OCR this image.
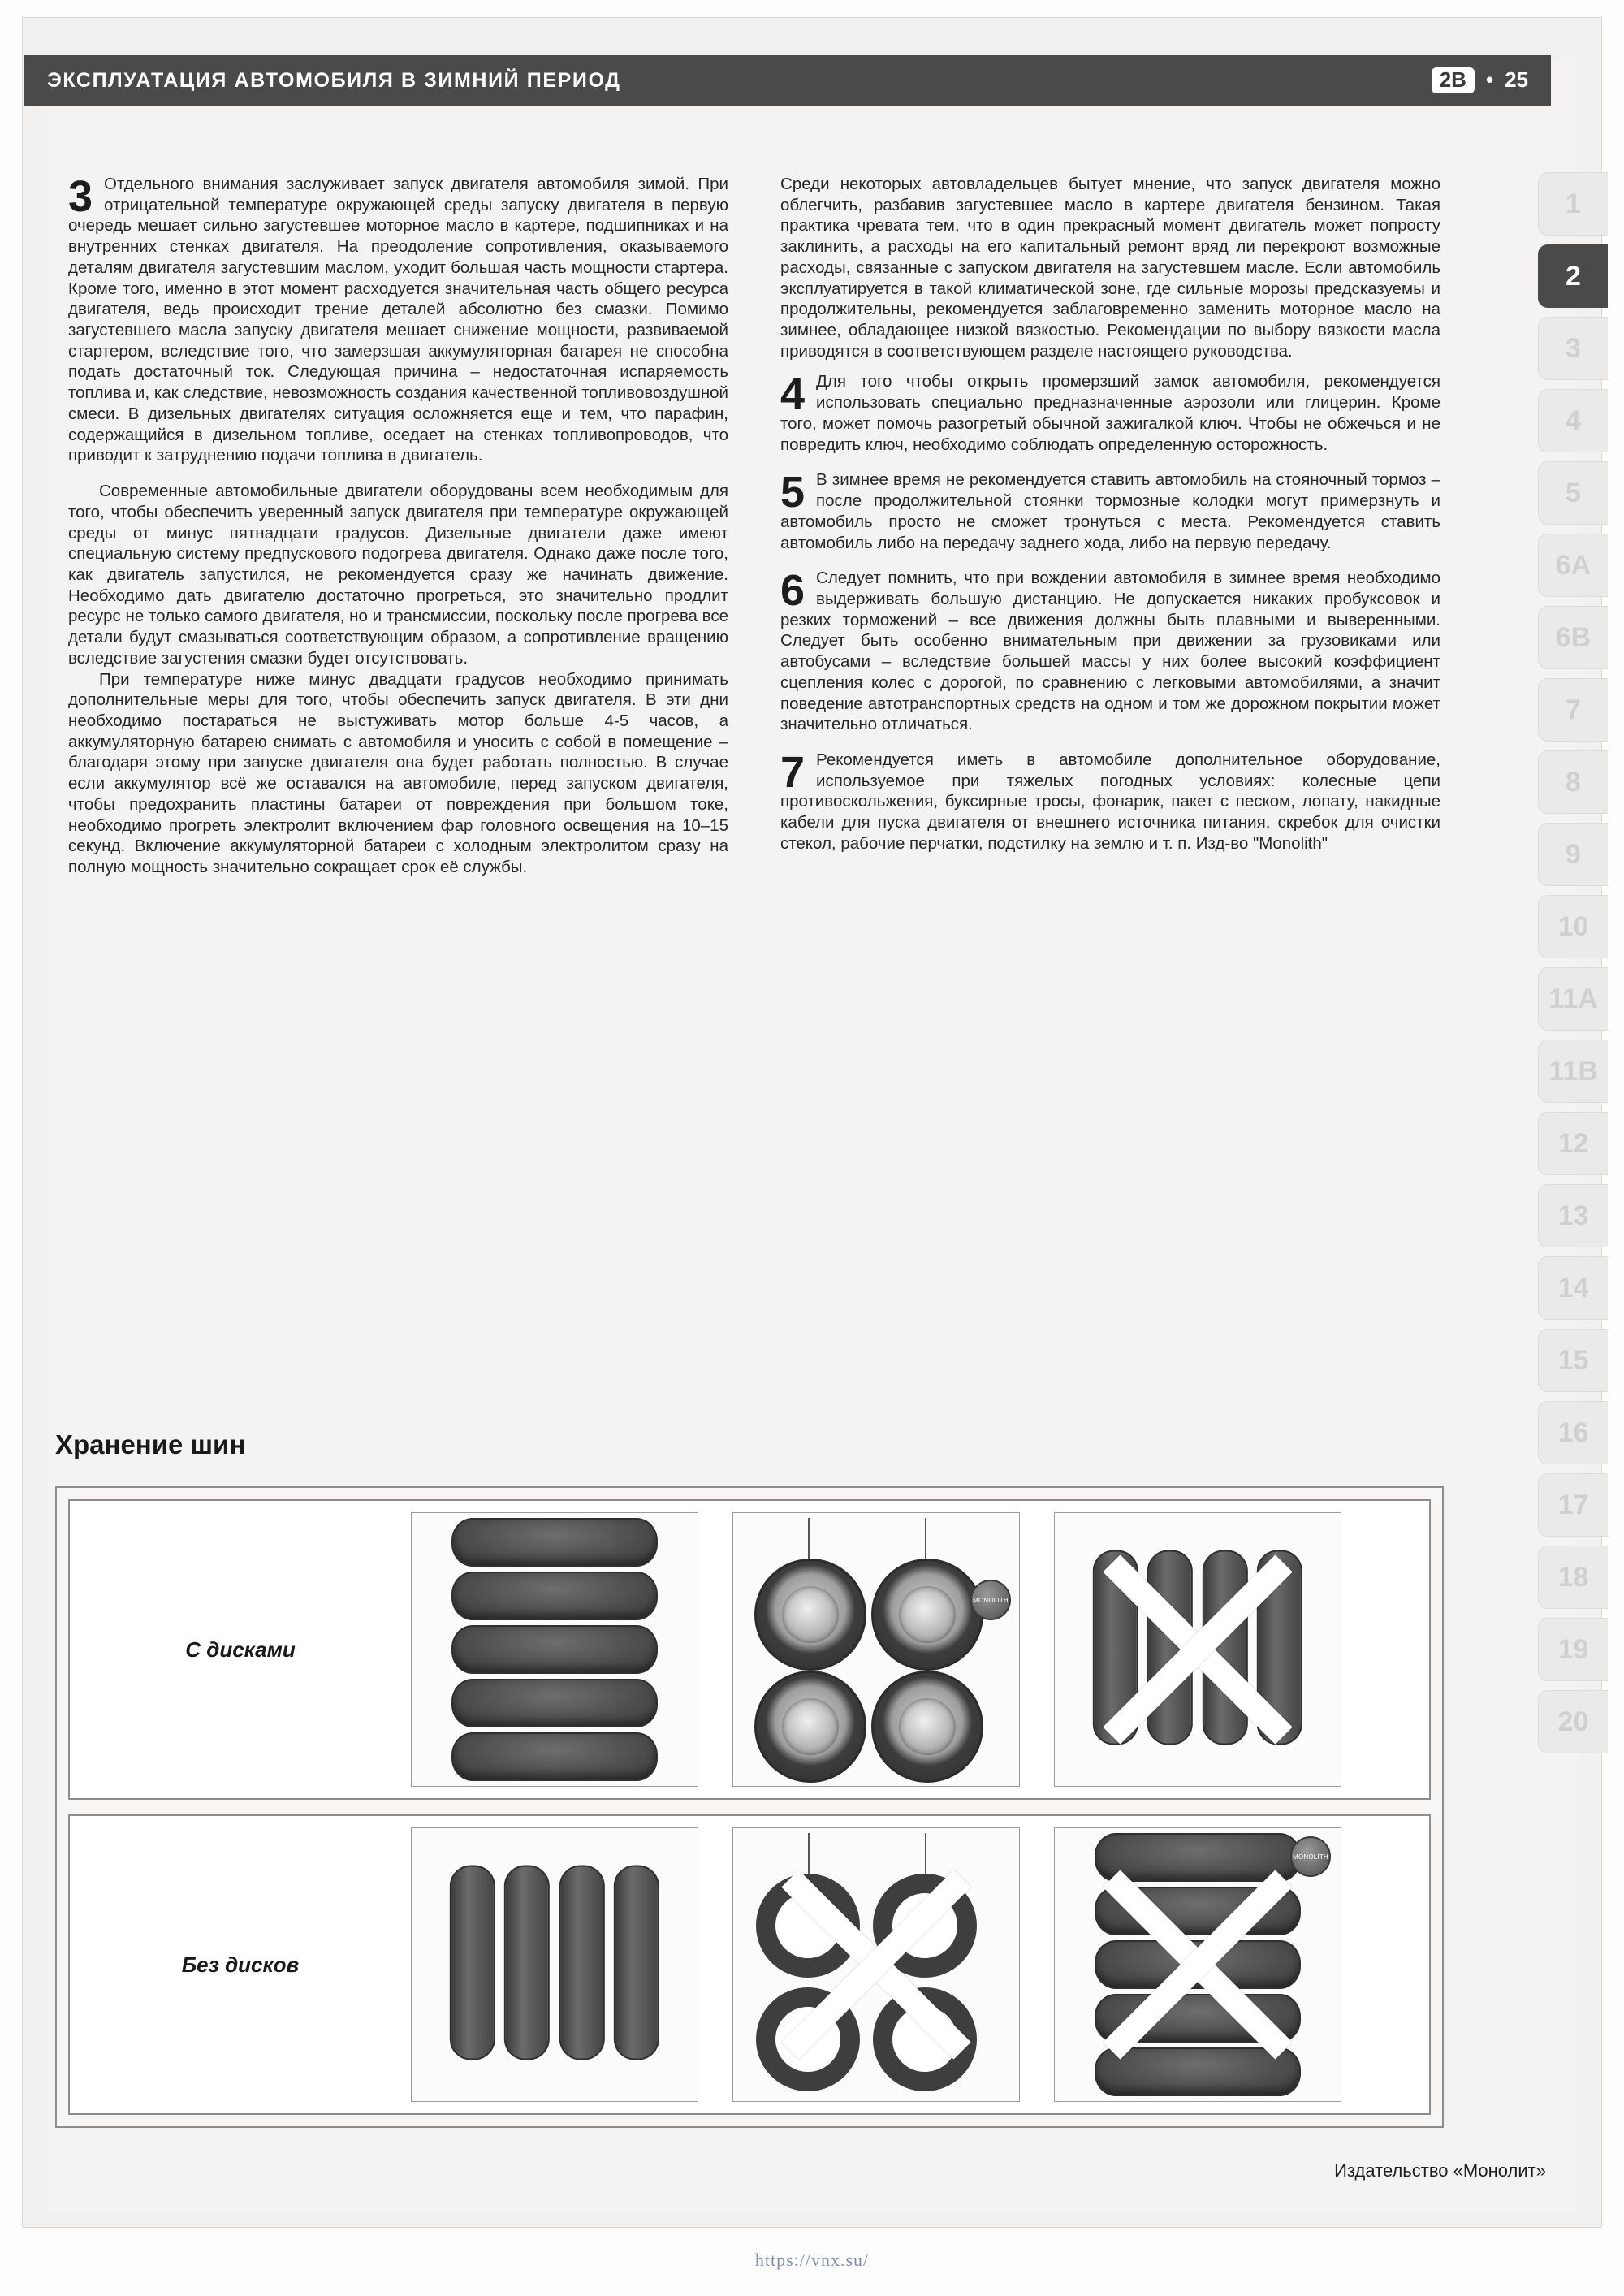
ЭКСПЛУАТАЦИЯ АВТОМОБИЛЯ В ЗИМНИЙ ПЕРИОД	2B • 25
3 Отдельного внимания заслуживает запуск двигателя автомобиля зимой. При отрицательной температуре окружающей среды запуску двигателя в первую очередь мешает сильно загустевшее моторное масло в картере, подшипниках и на внутренних стенках двигателя. На преодоление сопротивления, оказываемого деталям двигателя загустевшим маслом, уходит большая часть мощности стартера. Кроме того, именно в этот момент расходуется значительная часть общего ресурса двигателя, ведь происходит трение деталей абсолютно без смазки. Помимо загустевшего масла запуску двигателя мешает снижение мощности, развиваемой стартером, вследствие того, что замерзшая аккумуляторная батарея не способна подать достаточный ток. Следующая причина – недостаточная испаряемость топлива и, как следствие, невозможность создания качественной топливовоздушной смеси. В дизельных двигателях ситуация осложняется еще и тем, что парафин, содержащийся в дизельном топливе, оседает на стенках топливопроводов, что приводит к затруднению подачи топлива в двигатель.

Современные автомобильные двигатели оборудованы всем необходимым для того, чтобы обеспечить уверенный запуск двигателя при температуре окружающей среды от минус пятнадцати градусов. Дизельные двигатели даже имеют специальную систему предпускового подогрева двигателя. Однако даже после того, как двигатель запустился, не рекомендуется сразу же начинать движение. Необходимо дать двигателю достаточно прогреться, это значительно продлит ресурс не только самого двигателя, но и трансмиссии, поскольку после прогрева все детали будут смазываться соответствующим образом, а сопротивление вращению вследствие загустения смазки будет отсутствовать.

При температуре ниже минус двадцати градусов необходимо принимать дополнительные меры для того, чтобы обеспечить запуск двигателя. В эти дни необходимо постараться не выстуживать мотор больше 4-5 часов, а аккумуляторную батарею снимать с автомобиля и уносить с собой в помещение – благодаря этому при запуске двигателя она будет работать полностью. В случае если аккумулятор всё же оставался на автомобиле, перед запуском двигателя, чтобы предохранить пластины батареи от повреждения при большом токе, необходимо прогреть электролит включением фар головного освещения на 10–15 секунд. Включение аккумуляторной батареи с холодным электролитом сразу на полную мощность значительно сокращает срок её службы.

Среди некоторых автовладельцев бытует мнение, что запуск двигателя можно облегчить, разбавив загустевшее масло в картере двигателя бензином. Такая практика чревата тем, что в один прекрасный момент двигатель может попросту заклинить, а расходы на его капитальный ремонт вряд ли перекроют возможные расходы, связанные с запуском двигателя на загустевшем масле. Если автомобиль эксплуатируется в такой климатической зоне, где сильные морозы предсказуемы и продолжительны, рекомендуется заблаговременно заменить моторное масло на зимнее, обладающее низкой вязкостью. Рекомендации по выбору вязкости масла приводятся в соответствующем разделе настоящего руководства.

4 Для того чтобы открыть промерзший замок автомобиля, рекомендуется использовать специально предназначенные аэрозоли или глицерин. Кроме того, может помочь разогретый обычной зажигалкой ключ. Чтобы не обжечься и не повредить ключ, необходимо соблюдать определенную осторожность.

5 В зимнее время не рекомендуется ставить автомобиль на стояночный тормоз – после продолжительной стоянки тормозные колодки могут примерзнуть и автомобиль просто не сможет тронуться с места. Рекомендуется ставить автомобиль либо на передачу заднего хода, либо на первую передачу.

6 Следует помнить, что при вождении автомобиля в зимнее время необходимо выдерживать большую дистанцию. Не допускается никаких пробуксовок и резких торможений – все движения должны быть плавными и выверенными. Следует быть особенно внимательным при движении за грузовиками или автобусами – вследствие большей массы у них более высокий коэффициент сцепления колес с дорогой, по сравнению с легковыми автомобилями, а значит поведение автотранспортных средств на одном и том же дорожном покрытии может значительно отличаться.

7 Рекомендуется иметь в автомобиле дополнительное оборудование, используемое при тяжелых погодных условиях: колесные цепи противоскольжения, буксирные тросы, фонарик, пакет с песком, лопату, накидные кабели для пуска двигателя от внешнего источника питания, скребок для очистки стекол, рабочие перчатки, подстилку на землю и т. п. Изд-во "Monolith"

1
2
3
4
5
6A
6B
7
8
9
10
11A
11B
12
13
14
15
16
17
18
19
20
Хранение шин
С дисками
MONOLITH

Без дисков

MONOLITH
Издательство «Монолит»
https://vnx.su/
